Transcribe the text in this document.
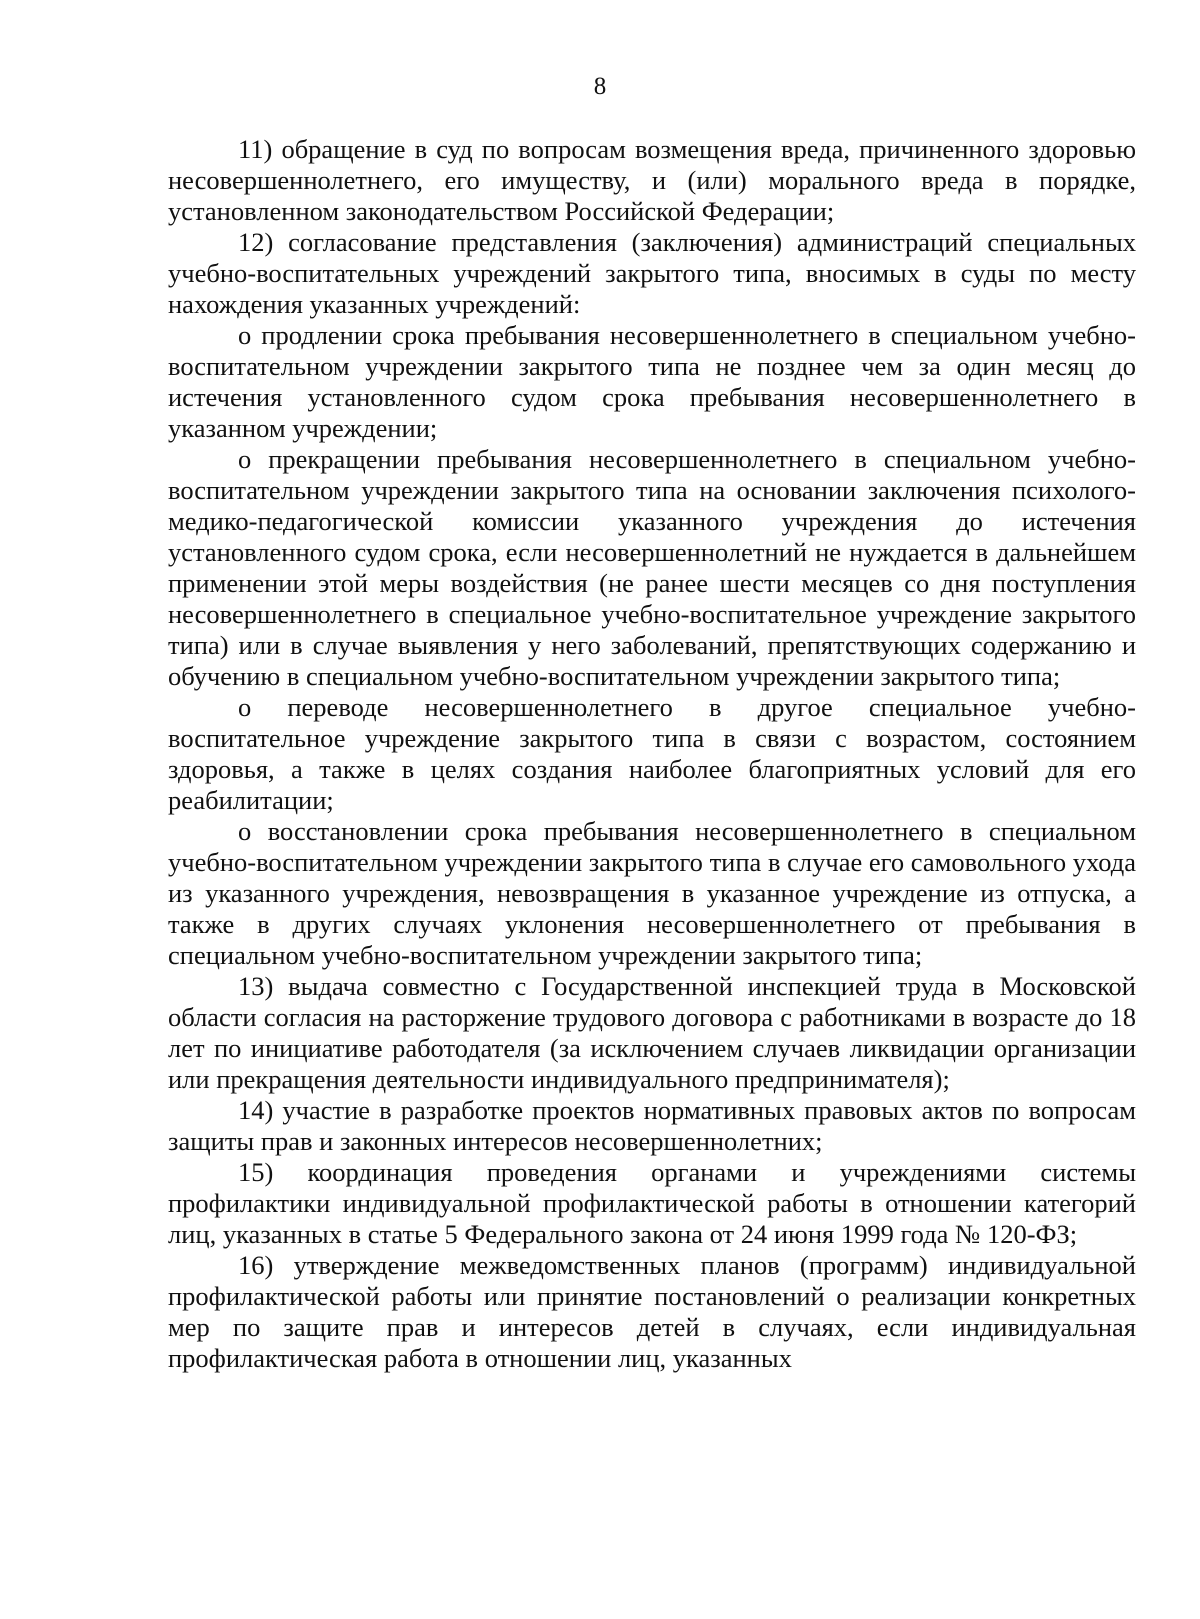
8

11) обращение в суд по вопросам возмещения вреда, причиненного здоровью несовершеннолетнего, его имуществу, и (или) морального вреда в порядке, установленном законодательством Российской Федерации;

12) согласование представления (заключения) администраций специальных учебно-воспитательных учреждений закрытого типа, вносимых в суды по месту нахождения указанных учреждений:

о продлении срока пребывания несовершеннолетнего в специальном учебно-воспитательном учреждении закрытого типа не позднее чем за один месяц до истечения установленного судом срока пребывания несовершеннолетнего в указанном учреждении;

о прекращении пребывания несовершеннолетнего в специальном учебно-воспитательном учреждении закрытого типа на основании заключения психолого-медико-педагогической комиссии указанного учреждения до истечения установленного судом срока, если несовершеннолетний не нуждается в дальнейшем применении этой меры воздействия (не ранее шести месяцев со дня поступления несовершеннолетнего в специальное учебно-воспитательное учреждение закрытого типа) или в случае выявления у него заболеваний, препятствующих содержанию и обучению в специальном учебно-воспитательном учреждении закрытого типа;

о переводе несовершеннолетнего в другое специальное учебно-воспитательное учреждение закрытого типа в связи с возрастом, состоянием здоровья, а также в целях создания наиболее благоприятных условий для его реабилитации;

о восстановлении срока пребывания несовершеннолетнего в специальном учебно-воспитательном учреждении закрытого типа в случае его самовольного ухода из указанного учреждения, невозвращения в указанное учреждение из отпуска, а также в других случаях уклонения несовершеннолетнего от пребывания в специальном учебно-воспитательном учреждении закрытого типа;

13) выдача совместно с Государственной инспекцией труда в Московской области согласия на расторжение трудового договора с работниками в возрасте до 18 лет по инициативе работодателя (за исключением случаев ликвидации организации или прекращения деятельности индивидуального предпринимателя);

14) участие в разработке проектов нормативных правовых актов по вопросам защиты прав и законных интересов несовершеннолетних;

15) координация проведения органами и учреждениями системы профилактики индивидуальной профилактической работы в отношении категорий лиц, указанных в статье 5 Федерального закона от 24 июня 1999 года № 120-ФЗ;

16) утверждение межведомственных планов (программ) индивидуальной профилактической работы или принятие постановлений о реализации конкретных мер по защите прав и интересов детей в случаях, если индивидуальная профилактическая работа в отношении лиц, указанных
